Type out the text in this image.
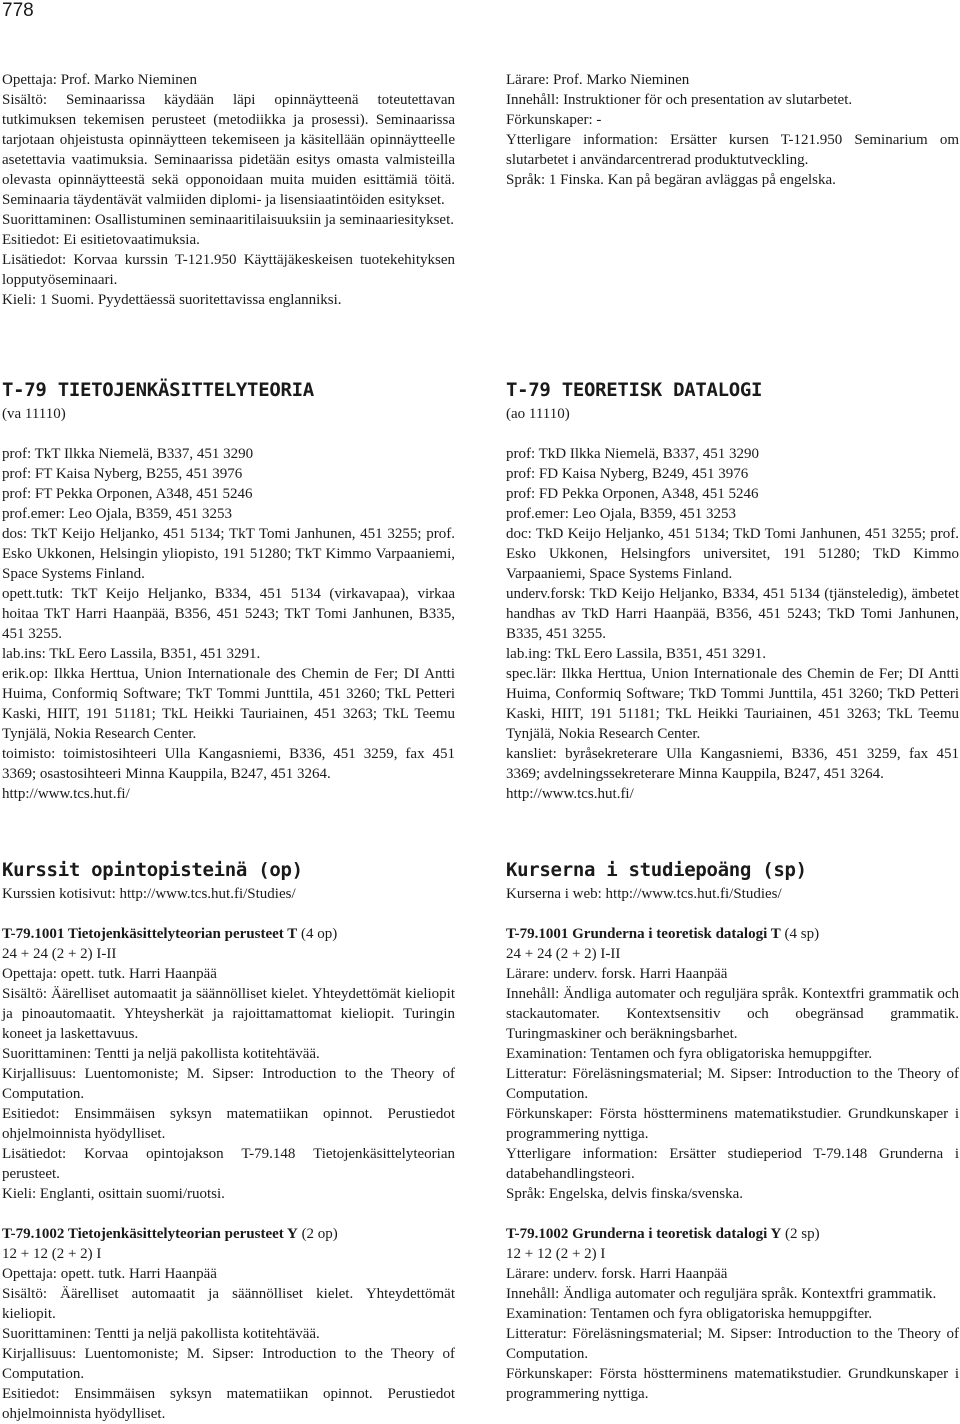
778

Opettaja: Prof. Marko Nieminen

Sisältö: Seminaarissa käydään läpi opinnäytteenä toteutettavan tutkimuksen tekemisen perusteet (metodiikka ja prosessi). Seminaarissa tarjotaan ohjeistusta opinnäytteen tekemiseen ja käsitellään opinnäytteelle asetettavia vaatimuksia. Seminaarissa pidetään esitys omasta valmisteilla olevasta opinnäytteestä sekä opponoidaan muita muiden esittämiä töitä. Seminaaria täydentävät valmiiden diplomi- ja lisensiaatintöiden esitykset.

Suorittaminen: Osallistuminen seminaaritilaisuuksiin ja seminaariesitykset.

Esitiedot: Ei esitietovaatimuksia.

Lisätiedot: Korvaa kurssin T-121.950 Käyttäjäkeskeisen tuotekehityksen lopputyöseminaari.

Kieli: 1 Suomi. Pyydettäessä suoritettavissa englanniksi.

Lärare: Prof. Marko Nieminen

Innehåll: Instruktioner för och presentation av slutarbetet.

Förkunskaper: -

Ytterligare information: Ersätter kursen T-121.950 Seminarium om slutarbetet i användarcentrerad produktutveckling.

Språk: 1 Finska. Kan på begäran avläggas på engelska.

T-79 TIETOJENKÄSITTELYTEORIA

(va 11110)

prof: TkT Ilkka Niemelä, B337, 451 3290

prof: FT Kaisa Nyberg, B255, 451 3976

prof: FT Pekka Orponen, A348, 451 5246

prof.emer: Leo Ojala, B359, 451 3253

dos: TkT Keijo Heljanko, 451 5134; TkT Tomi Janhunen, 451 3255; prof. Esko Ukkonen, Helsingin yliopisto, 191 51280; TkT Kimmo Varpaaniemi, Space Systems Finland.

opett.tutk: TkT Keijo Heljanko, B334, 451 5134 (virkavapaa), virkaa hoitaa TkT Harri Haanpää, B356, 451 5243; TkT Tomi Janhunen, B335, 451 3255.

lab.ins: TkL Eero Lassila, B351, 451 3291.

erik.op: Ilkka Herttua, Union Internationale des Chemin de Fer; DI Antti Huima, Conformiq Software; TkT Tommi Junttila, 451 3260; TkL Petteri Kaski, HIIT, 191 51181; TkL Heikki Tauriainen, 451 3263; TkL Teemu Tynjälä, Nokia Research Center.

toimisto: toimistosihteeri Ulla Kangasniemi, B336, 451 3259, fax 451 3369; osastosihteeri Minna Kauppila, B247, 451 3264.

http://www.tcs.hut.fi/

T-79 TEORETISK DATALOGI

(ao 11110)

prof: TkD Ilkka Niemelä, B337, 451 3290

prof: FD Kaisa Nyberg, B249, 451 3976

prof: FD Pekka Orponen, A348, 451 5246

prof.emer: Leo Ojala, B359, 451 3253

doc: TkD Keijo Heljanko, 451 5134; TkD Tomi Janhunen, 451 3255; prof. Esko Ukkonen, Helsingfors universitet, 191 51280; TkD Kimmo Varpaaniemi, Space Systems Finland.

underv.forsk: TkD Keijo Heljanko, B334, 451 5134 (tjänsteledig), ämbetet handhas av TkD Harri Haanpää, B356, 451 5243; TkD Tomi Janhunen, B335, 451 3255.

lab.ing: TkL Eero Lassila, B351, 451 3291.

spec.lär: Ilkka Herttua, Union Internationale des Chemin de Fer; DI Antti Huima, Conformiq Software; TkD Tommi Junttila, 451 3260; TkD Petteri Kaski, HIIT, 191 51181; TkL Heikki Tauriainen, 451 3263; TkL Teemu Tynjälä, Nokia Research Center.

kansliet: byråsekreterare Ulla Kangasniemi, B336, 451 3259, fax 451 3369; avdelningssekreterare Minna Kauppila, B247, 451 3264.

http://www.tcs.hut.fi/

Kurssit opintopisteinä (op)

Kurssien kotisivut: http://www.tcs.hut.fi/Studies/

T-79.1001 Tietojenkäsittelyteorian perusteet T (4 op)

24 + 24 (2 + 2) I-II

Opettaja: opett. tutk. Harri Haanpää

Sisältö: Äärelliset automaatit ja säännölliset kielet. Yhteydettömät kieliopit ja pinoautomaatit. Yhteysherkät ja rajoittamattomat kieliopit. Turingin koneet ja laskettavuus.

Suorittaminen: Tentti ja neljä pakollista kotitehtävää.

Kirjallisuus: Luentomoniste; M. Sipser: Introduction to the Theory of Computation.

Esitiedot: Ensimmäisen syksyn matematiikan opinnot. Perustiedot ohjelmoinnista hyödylliset.

Lisätiedot: Korvaa opintojakson T-79.148 Tietojenkäsittelyteorian perusteet.

Kieli: Englanti, osittain suomi/ruotsi.

T-79.1002 Tietojenkäsittelyteorian perusteet Y (2 op)

12 + 12 (2 + 2) I

Opettaja: opett. tutk. Harri Haanpää

Sisältö: Äärelliset automaatit ja säännölliset kielet. Yhteydettömät kieliopit.

Suorittaminen: Tentti ja neljä pakollista kotitehtävää.

Kirjallisuus: Luentomoniste; M. Sipser: Introduction to the Theory of Computation.

Esitiedot: Ensimmäisen syksyn matematiikan opinnot. Perustiedot ohjelmoinnista hyödylliset.

Kurserna i studiepoäng (sp)

Kurserna i web: http://www.tcs.hut.fi/Studies/

T-79.1001 Grunderna i teoretisk datalogi T (4 sp)

24 + 24 (2 + 2) I-II

Lärare: underv. forsk. Harri Haanpää

Innehåll: Ändliga automater och reguljära språk. Kontextfri grammatik och stackautomater. Kontextsensitiv och obegränsad grammatik. Turingmaskiner och beräkningsbarhet.

Examination: Tentamen och fyra obligatoriska hemuppgifter.

Litteratur: Föreläsningsmaterial; M. Sipser: Introduction to the Theory of Computation.

Förkunskaper: Första höstterminens matematikstudier. Grundkunskaper i programmering nyttiga.

Ytterligare information: Ersätter studieperiod T-79.148 Grunderna i databehandlingsteori.

Språk: Engelska, delvis finska/svenska.

T-79.1002 Grunderna i teoretisk datalogi Y (2 sp)

12 + 12 (2 + 2) I

Lärare: underv. forsk. Harri Haanpää

Innehåll: Ändliga automater och reguljära språk. Kontextfri grammatik.

Examination: Tentamen och fyra obligatoriska hemuppgifter.

Litteratur: Föreläsningsmaterial; M. Sipser: Introduction to the Theory of Computation.

Förkunskaper: Första höstterminens matematikstudier. Grundkunskaper i programmering nyttiga.
